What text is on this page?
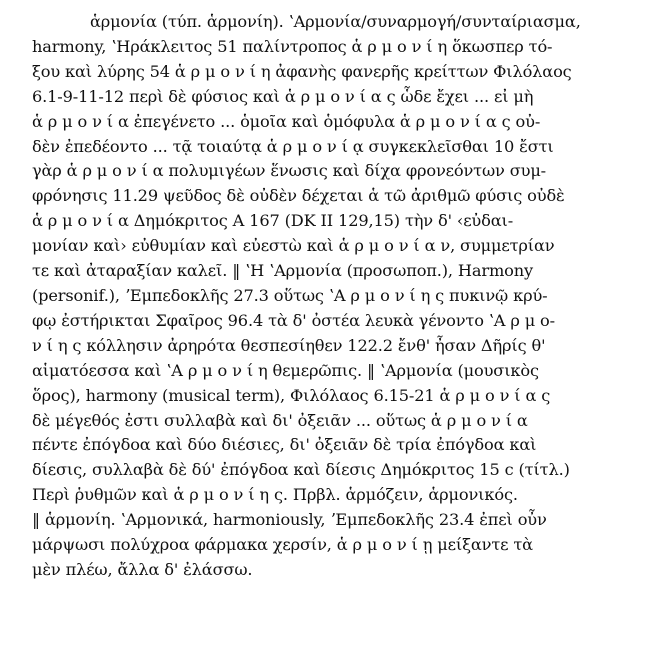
ἁρμονία (τύπ. ἁρμονίη). ʽΑρμονία/συναρμογή/συνταίριασμα,
harmony, ʽΗράκλειτος 51 παλίντροπος ἁ ρ μ ο ν ί η ὅκωσπερ τό-
ξου καὶ λύρης 54 ἁ ρ μ ο ν ί η ἀφανὴς φανερῆς κρείττων Φιλόλαος
6.1-9-11-12 περὶ δὲ φύσιος καὶ ἁ ρ μ ο ν ί α ς ὧδε ἔχει ... εἰ μὴ
ἁ ρ μ ο ν ί α ἐπεγένετο ... ὁμοῖα καὶ ὁμόφυλα ἁ ρ μ ο ν ί α ς οὐ-
δὲν ἐπεδέοντο ... τᾷ τοιαύτᾳ ἁ ρ μ ο ν ί ᾳ συγκεκλεῖσθαι 10 ἔστι
γὰρ ἁ ρ μ ο ν ί α πολυμιγέων ἕνωσις καὶ δίχα φρονεόντων συμ-
φρόνησις 11.29 ψεῦδος δὲ οὐδὲν δέχεται ἁ τῶ ἀριθμῶ φύσις οὐδὲ
ἁ ρ μ ο ν ί α Δημόκριτος Α 167 (DK II 129,15) τὴν δ' ‹εὐδαι-
μονίαν καὶ› εὐθυμίαν καὶ εὐεστὼ καὶ ἁ ρ μ ο ν ί α ν, συμμετρίαν
τε καὶ ἀταραξίαν καλεῖ. ‖ ʽΗ ʽΑρμονία (προσωποπ.), Harmony
(personif.), ʼΕμπεδοκλῆς 27.3 οὕτως ʽΑ ρ μ ο ν ί η ς πυκινῷ κρύ-
φῳ ἐστήρικται Σφαῖρος 96.4 τὰ δ' ὀστέα λευκὰ γένοντο ʽΑ ρ μ ο-
ν ί η ς κόλλησιν ἀρηρότα θεσπεσίηθεν 122.2 ἔνθ' ἦσαν Δῆρίς θ'
αἱματόεσσα καὶ ʽΑ ρ μ ο ν ί η θεμερῶπις. ‖ ʽΑρμονία (μουσικὸς
ὅρος), harmony (musical term), Φιλόλαος 6.15-21 ἁ ρ μ ο ν ί α ς
δὲ μέγεθός ἐστι συλλαβὰ καὶ δι' ὀξειᾶν ... οὕτως ἁ ρ μ ο ν ί α
πέντε ἐπόγδοα καὶ δύο διέσιες, δι' ὀξειᾶν δὲ τρία ἐπόγδοα καὶ
δίεσις, συλλαβὰ δὲ δύ' ἐπόγδοα καὶ δίεσις Δημόκριτος 15 c (τίτλ.)
Περὶ ῥυθμῶν καὶ ἁ ρ μ ο ν ί η ς. Πρβλ. ἁρμόζειν, ἁρμονικός.
‖ ἁρμονίη. ʽΑρμονικά, harmoniously, ʼΕμπεδοκλῆς 23.4 ἐπεὶ οὖν
μάρψωσι πολύχροα φάρμακα χερσίν, ἁ ρ μ ο ν ί ῃ μείξαντε τὰ
μὲν πλέω, ἄλλα δ' ἐλάσσω.
